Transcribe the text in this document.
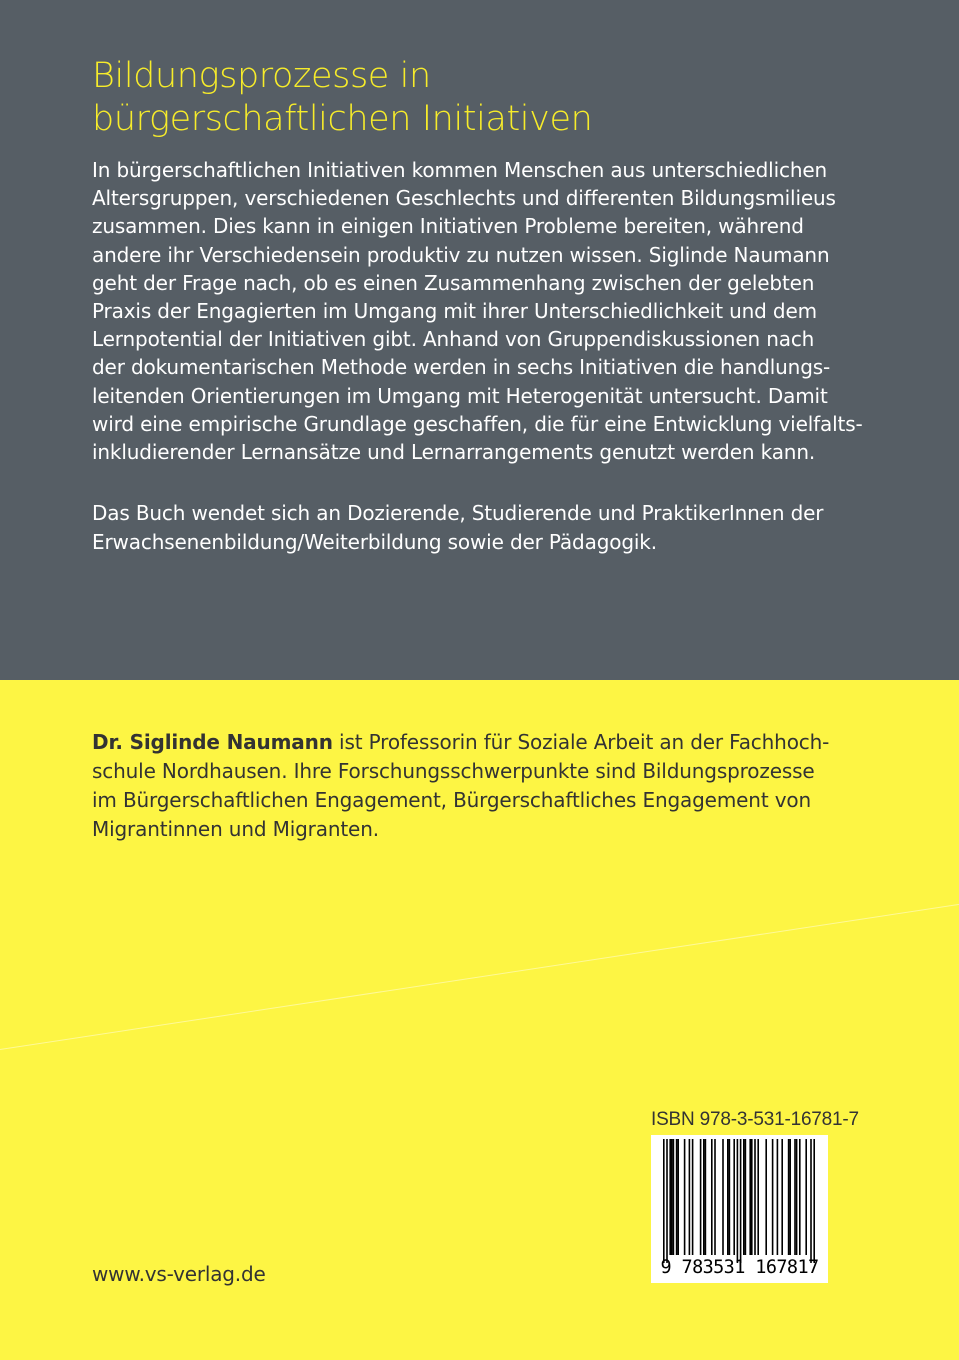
Bildungsprozesse in
bürgerschaftlichen Initiativen
In bürgerschaftlichen Initiativen kommen Menschen aus unterschiedlichen
Altersgruppen, verschiedenen Geschlechts und differenten Bildungsmilieus
zusammen. Dies kann in einigen Initiativen Probleme bereiten, während
andere ihr Verschiedensein produktiv zu nutzen wissen. Siglinde Naumann
geht der Frage nach, ob es einen Zusammenhang zwischen der gelebten
Praxis der Engagierten im Umgang mit ihrer Unterschiedlichkeit und dem
Lernpotential der Initiativen gibt. Anhand von Gruppendiskussionen nach
der dokumentarischen Methode werden in sechs Initiativen die handlungs-
leitenden Orientierungen im Umgang mit Heterogenität untersucht. Damit
wird eine empirische Grundlage geschaffen, die für eine Entwicklung vielfalts-
inkludierender Lernansätze und Lernarrangements genutzt werden kann.
Das Buch wendet sich an Dozierende, Studierende und PraktikerInnen der
Erwachsenenbildung/Weiterbildung sowie der Pädagogik.
Dr. Siglinde Naumann ist Professorin für Soziale Arbeit an der Fachhoch-
schule Nordhausen. Ihre Forschungsschwerpunkte sind Bildungsprozesse
im Bürgerschaftlichen Engagement, Bürgerschaftliches Engagement von
Migrantinnen und Migranten.
ISBN 978-3-531-16781-7
9 783531 167817
www.vs-verlag.de
